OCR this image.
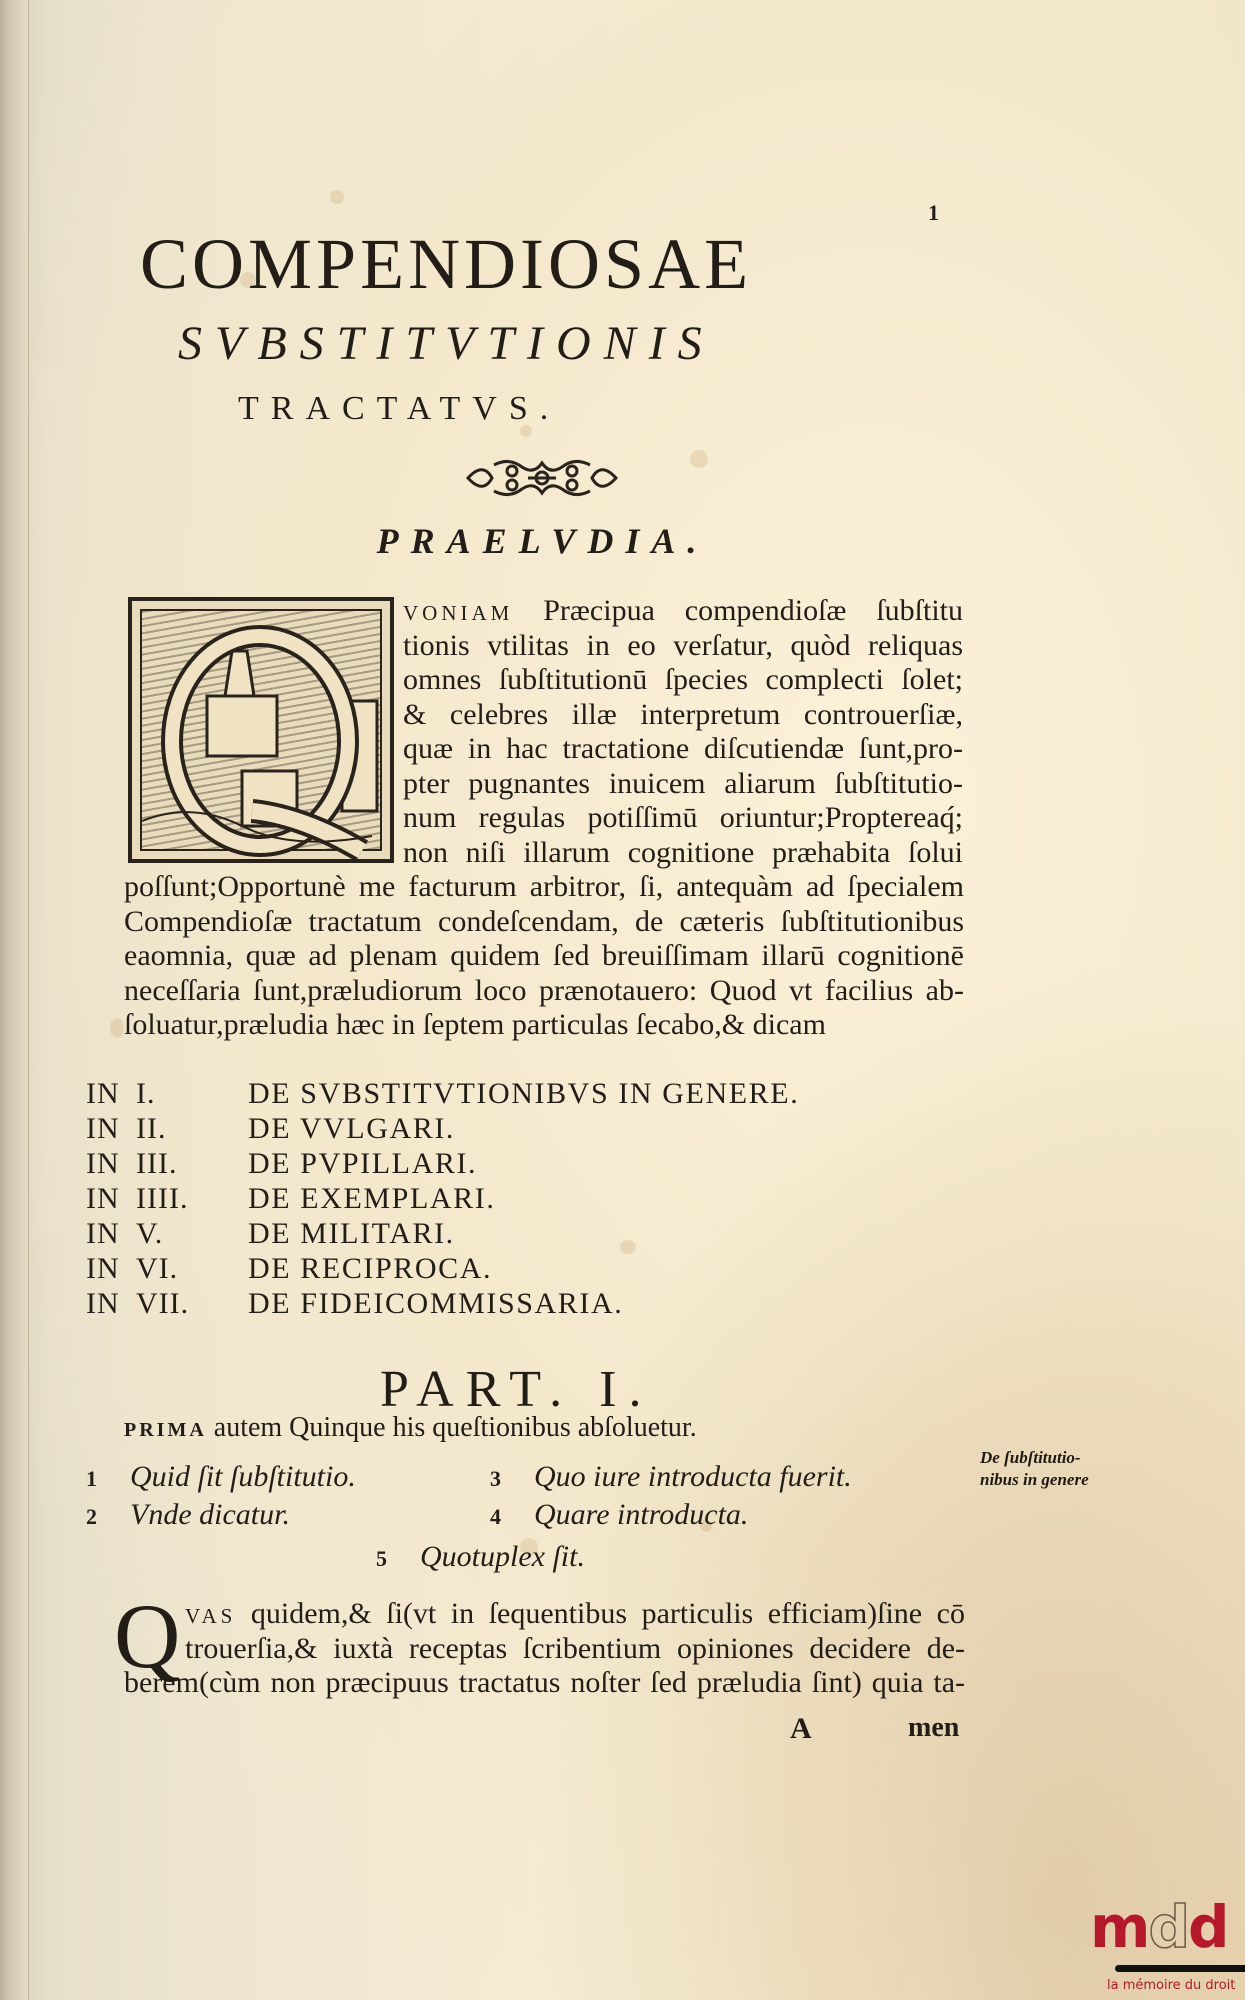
1
COMPENDIOSAE
SVBSTITVTIONIS
TRACTATVS.
PRAELVDIA.
VONIAM Præcipua compendioſæ ſubſtitu
tionis vtilitas in eo verſatur, quòd reliquas
omnes ſubſtitutionū ſpecies complecti ſolet;
& celebres illæ interpretum controuerſiæ,
quæ in hac tractatione diſcutiendæ ſunt,pro-
pter pugnantes inuicem aliarum ſubſtitutio-
num regulas potiſſimū oriuntur;Proptereaq́;
non niſi illarum cognitione præhabita ſolui
poſſunt;Opportunè me facturum arbitror, ſi, antequàm ad ſpecialem
Compendioſæ tractatum condeſcendam, de cæteris ſubſtitutionibus
eaomnia, quæ ad plenam quidem ſed breuiſſimam illarū cognitionē
neceſſaria ſunt,præludiorum loco prænotauero: Quod vt facilius ab-
ſoluatur,præludia hæc in ſeptem particulas ſecabo,& dicam
IN I.	DE SVBSTITVTIONIBVS IN GENERE.
IN II.	DE VVLGARI.
IN III.	DE PVPILLARI.
IN IIII.	DE EXEMPLARI.
IN V.	DE MILITARI.
IN VI.	DE RECIPROCA.
IN VII.	DE FIDEICOMMISSARIA.
PART. I.
PRIMA autem Quinque his queſtionibus abſoluetur.
1 Quid ſit ſubſtitutio.
2 Vnde dicatur.
3 Quo iure introducta fuerit.
4 Quare introducta.
5 Quotuplex ſit.
De ſubſtitutio-
nibus in genere
Q VAS quidem,& ſi(vt in ſequentibus particulis efficiam)ſine cō
trouerſia,& iuxtà receptas ſcribentium opiniones decidere de-
berem(cùm non præcipuus tractatus noſter ſed præludia ſint) quia ta-
A	men
mdd
la mémoire du droit
